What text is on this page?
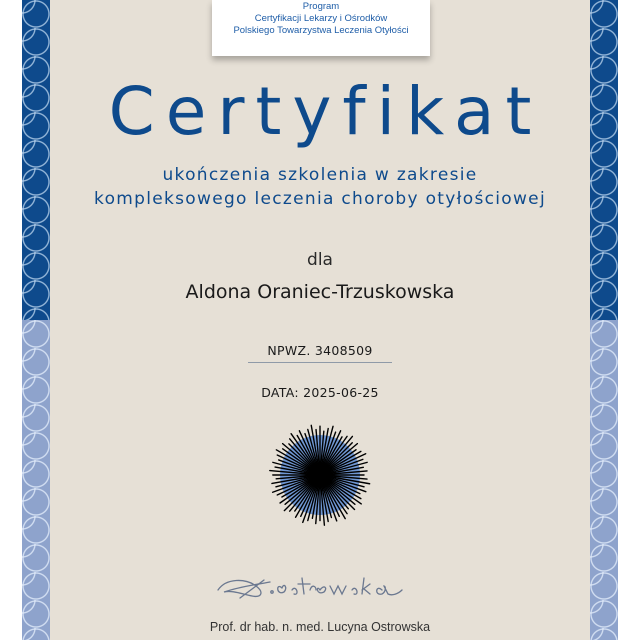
Program
Certyfikacji Lekarzy i Ośrodków
Polskiego Towarzystwa Leczenia Otyłości
Certyfikat
ukończenia szkolenia w zakresie
kompleksowego leczenia choroby otyłościowej
dla
Aldona Oraniec-Trzuskowska
NPWZ. 3408509
DATA: 2025-06-25
Prof. dr hab. n. med. Lucyna Ostrowska
